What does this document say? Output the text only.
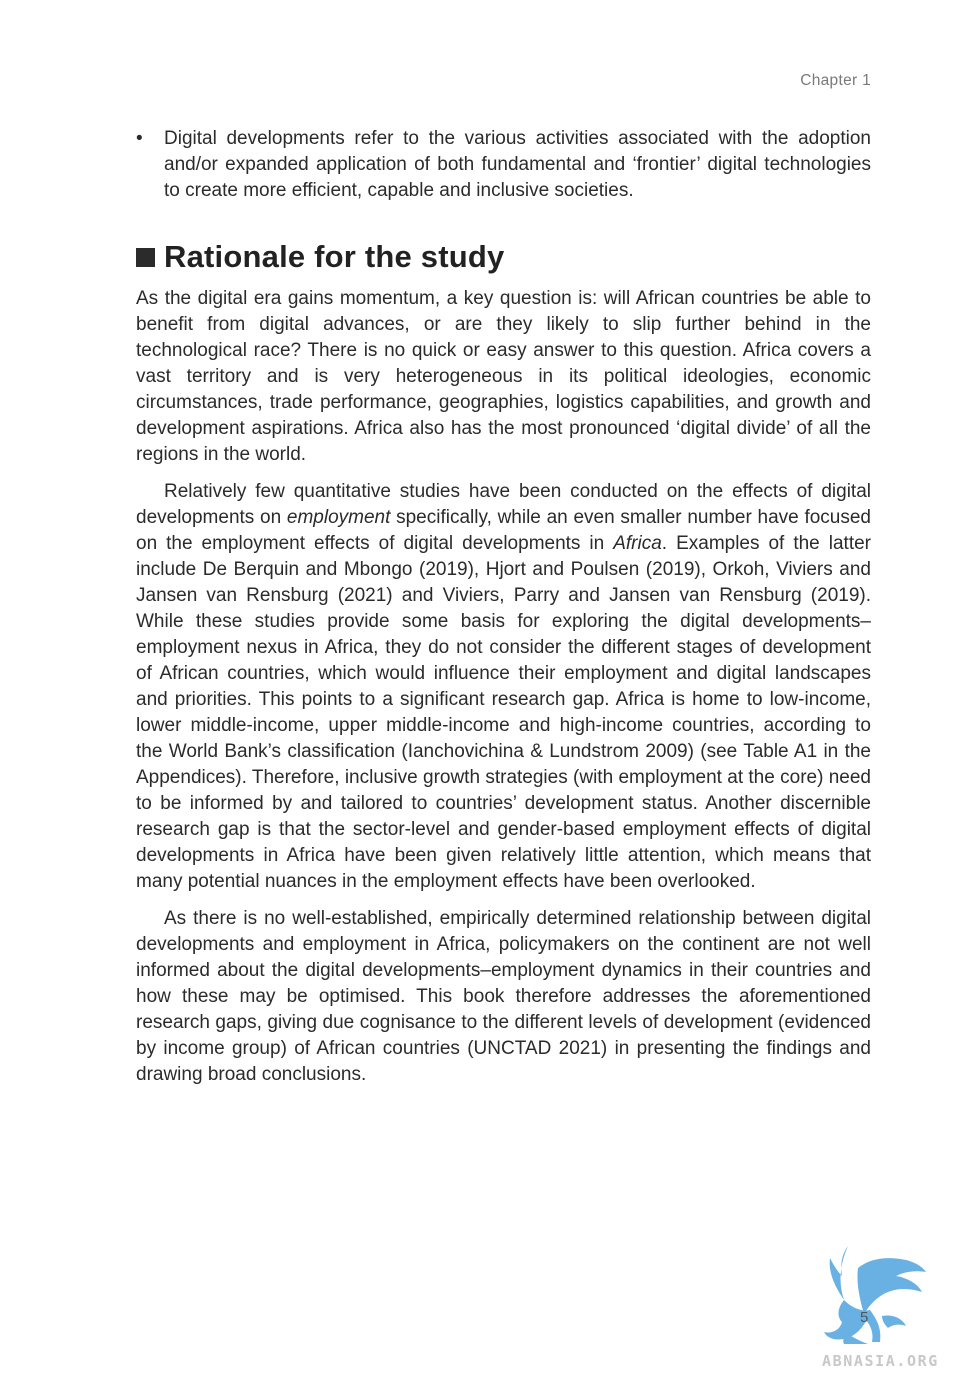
Chapter 1

• Digital developments refer to the various activities associated with the adoption and/or expanded application of both fundamental and ‘frontier’ digital technologies to create more efficient, capable and inclusive societies.

Rationale for the study

As the digital era gains momentum, a key question is: will African countries be able to benefit from digital advances, or are they likely to slip further behind in the technological race? There is no quick or easy answer to this question. Africa covers a vast territory and is very heterogeneous in its political ideologies, economic circumstances, trade performance, geographies, logistics capabilities, and growth and development aspirations. Africa also has the most pronounced ‘digital divide’ of all the regions in the world.

Relatively few quantitative studies have been conducted on the effects of digital developments on employment specifically, while an even smaller number have focused on the employment effects of digital developments in Africa. Examples of the latter include De Berquin and Mbongo (2019), Hjort and Poulsen (2019), Orkoh, Viviers and Jansen van Rensburg (2021) and Viviers, Parry and Jansen van Rensburg (2019). While these studies provide some basis for exploring the digital developments–employment nexus in Africa, they do not consider the different stages of development of African countries, which would influence their employment and digital landscapes and priorities. This points to a significant research gap. Africa is home to low-income, lower middle-income, upper middle-income and high-income countries, according to the World Bank’s classification (Ianchovichina & Lundstrom 2009) (see Table A1 in the Appendices). Therefore, inclusive growth strategies (with employment at the core) need to be informed by and tailored to countries’ development status. Another discernible research gap is that the sector-level and gender-based employment effects of digital developments in Africa have been given relatively little attention, which means that many potential nuances in the employment effects have been overlooked.

As there is no well-established, empirically determined relationship between digital developments and employment in Africa, policymakers on the continent are not well informed about the digital developments–employment dynamics in their countries and how these may be optimised. This book therefore addresses the aforementioned research gaps, giving due cognisance to the different levels of development (evidenced by income group) of African countries (UNCTAD 2021) in presenting the findings and drawing broad conclusions.

5
ABNASIA.ORG
